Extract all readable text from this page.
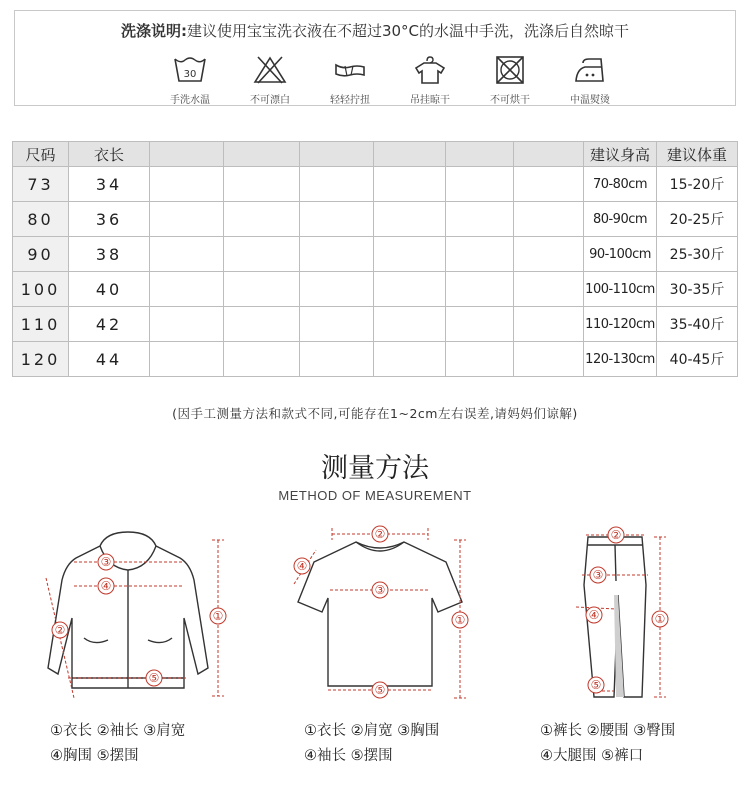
洗涤说明:建议使用宝宝洗衣液在不超过30°C的水温中手洗，洗涤后自然晾干
30
手洗水温	不可漂白	轻轻拧扭	吊挂晾干	不可烘干	中温熨烫
尺码	衣长							建议身高	建议体重
73	34							70-80cm	15-20斤
80	36							80-90cm	20-25斤
90	38							90-100cm	25-30斤
100	40							100-110cm	30-35斤
110	42							110-120cm	35-40斤
120	44							120-130cm	40-45斤
(因手工测量方法和款式不同,可能存在1~2cm左右误差,请妈妈们谅解)
测量方法
METHOD OF MEASUREMENT
①
②
③
④
⑤
①
②
③
④
⑤
①
②
③
④
⑤
①衣长 ②袖长 ③肩宽
④胸围 ⑤摆围
①衣长 ②肩宽 ③胸围
④袖长 ⑤摆围
①裤长 ②腰围 ③臀围
④大腿围 ⑤裤口
